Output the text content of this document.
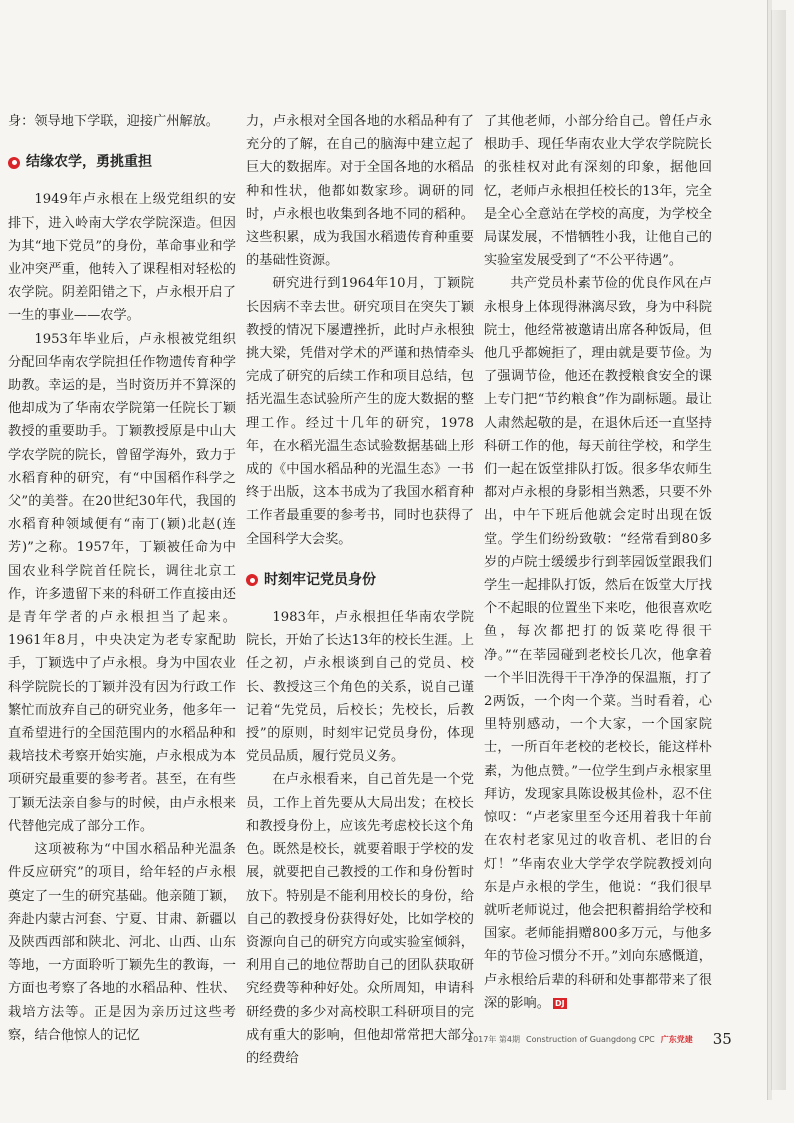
身：领导地下学联，迎接广州解放。

结缘农学，勇挑重担

1949年卢永根在上级党组织的安排下，进入岭南大学农学院深造。但因为其“地下党员”的身份，革命事业和学业冲突严重，他转入了课程相对轻松的农学院。阴差阳错之下，卢永根开启了一生的事业——农学。

1953年毕业后，卢永根被党组织分配回华南农学院担任作物遗传育种学助教。幸运的是，当时资历并不算深的他却成为了华南农学院第一任院长丁颖教授的重要助手。丁颖教授原是中山大学农学院的院长，曾留学海外，致力于水稻育种的研究，有“中国稻作科学之父”的美誉。在20世纪30年代，我国的水稻育种领域便有“南丁(颖)北赵(连芳)”之称。1957年，丁颖被任命为中国农业科学院首任院长，调往北京工作，许多遗留下来的科研工作直接由还是青年学者的卢永根担当了起来。1961年8月，中央决定为老专家配助手，丁颖选中了卢永根。身为中国农业科学院院长的丁颖并没有因为行政工作繁忙而放弃自己的研究业务，他多年一直希望进行的全国范围内的水稻品种和栽培技术考察开始实施，卢永根成为本项研究最重要的参考者。甚至，在有些丁颖无法亲自参与的时候，由卢永根来代替他完成了部分工作。

这项被称为“中国水稻品种光温条件反应研究”的项目，给年轻的卢永根奠定了一生的研究基础。他亲随丁颖，奔赴内蒙古河套、宁夏、甘肃、新疆以及陕西西部和陕北、河北、山西、山东等地，一方面聆听丁颖先生的教诲，一方面也考察了各地的水稻品种、性状、栽培方法等。正是因为亲历过这些考察，结合他惊人的记忆

力，卢永根对全国各地的水稻品种有了充分的了解，在自己的脑海中建立起了巨大的数据库。对于全国各地的水稻品种和性状，他都如数家珍。调研的同时，卢永根也收集到各地不同的稻种。这些积累，成为我国水稻遗传育种重要的基础性资源。

研究进行到1964年10月，丁颖院长因病不幸去世。研究项目在突失丁颖教授的情况下屡遭挫折，此时卢永根独挑大梁，凭借对学术的严谨和热情牵头完成了研究的后续工作和项目总结，包括光温生态试验所产生的庞大数据的整理工作。经过十几年的研究，1978年，在水稻光温生态试验数据基础上形成的《中国水稻品种的光温生态》一书终于出版，这本书成为了我国水稻育种工作者最重要的参考书，同时也获得了全国科学大会奖。

时刻牢记党员身份

1983年，卢永根担任华南农学院院长，开始了长达13年的校长生涯。上任之初，卢永根谈到自己的党员、校长、教授这三个角色的关系，说自己谨记着“先党员，后校长；先校长，后教授”的原则，时刻牢记党员身份，体现党员品质，履行党员义务。

在卢永根看来，自己首先是一个党员，工作上首先要从大局出发；在校长和教授身份上，应该先考虑校长这个角色。既然是校长，就要着眼于学校的发展，就要把自己教授的工作和身份暂时放下。特别是不能利用校长的身份，给自己的教授身份获得好处，比如学校的资源向自己的研究方向或实验室倾斜，利用自己的地位帮助自己的团队获取研究经费等种种好处。众所周知，申请科研经费的多少对高校职工科研项目的完成有重大的影响，但他却常常把大部分的经费给

了其他老师，小部分给自己。曾任卢永根助手、现任华南农业大学农学院院长的张桂权对此有深刻的印象，据他回忆，老师卢永根担任校长的13年，完全是全心全意站在学校的高度，为学校全局谋发展，不惜牺牲小我，让他自己的实验室发展受到了“不公平待遇”。

共产党员朴素节俭的优良作风在卢永根身上体现得淋漓尽致，身为中科院院士，他经常被邀请出席各种饭局，但他几乎都婉拒了，理由就是要节俭。为了强调节俭，他还在教授粮食安全的课上专门把“节约粮食”作为副标题。最让人肃然起敬的是，在退休后还一直坚持科研工作的他，每天前往学校，和学生们一起在饭堂排队打饭。很多华农师生都对卢永根的身影相当熟悉，只要不外出，中午下班后他就会定时出现在饭堂。学生们纷纷致敬：“经常看到80多岁的卢院士缓缓步行到莘园饭堂跟我们学生一起排队打饭，然后在饭堂大厅找个不起眼的位置坐下来吃，他很喜欢吃鱼，每次都把打的饭菜吃得很干净。”“在莘园碰到老校长几次，他拿着一个半旧洗得干干净净的保温瓶，打了2两饭，一个肉一个菜。当时看着，心里特别感动，一个大家，一个国家院士，一所百年老校的老校长，能这样朴素，为他点赞。”一位学生到卢永根家里拜访，发现家具陈设极其俭朴，忍不住惊叹：“卢老家里至今还用着我十年前在农村老家见过的收音机、老旧的台灯！”华南农业大学学农学院教授刘向东是卢永根的学生，他说：“我们很早就听老师说过，他会把积蓄捐给学校和国家。老师能捐赠800多万元，与他多年的节俭习惯分不开。”刘向东感慨道，卢永根给后辈的科研和处事都带来了很深的影响。 DJ

'
2017年 第4期 Construction of Guangdong CPC 广东党建 35
